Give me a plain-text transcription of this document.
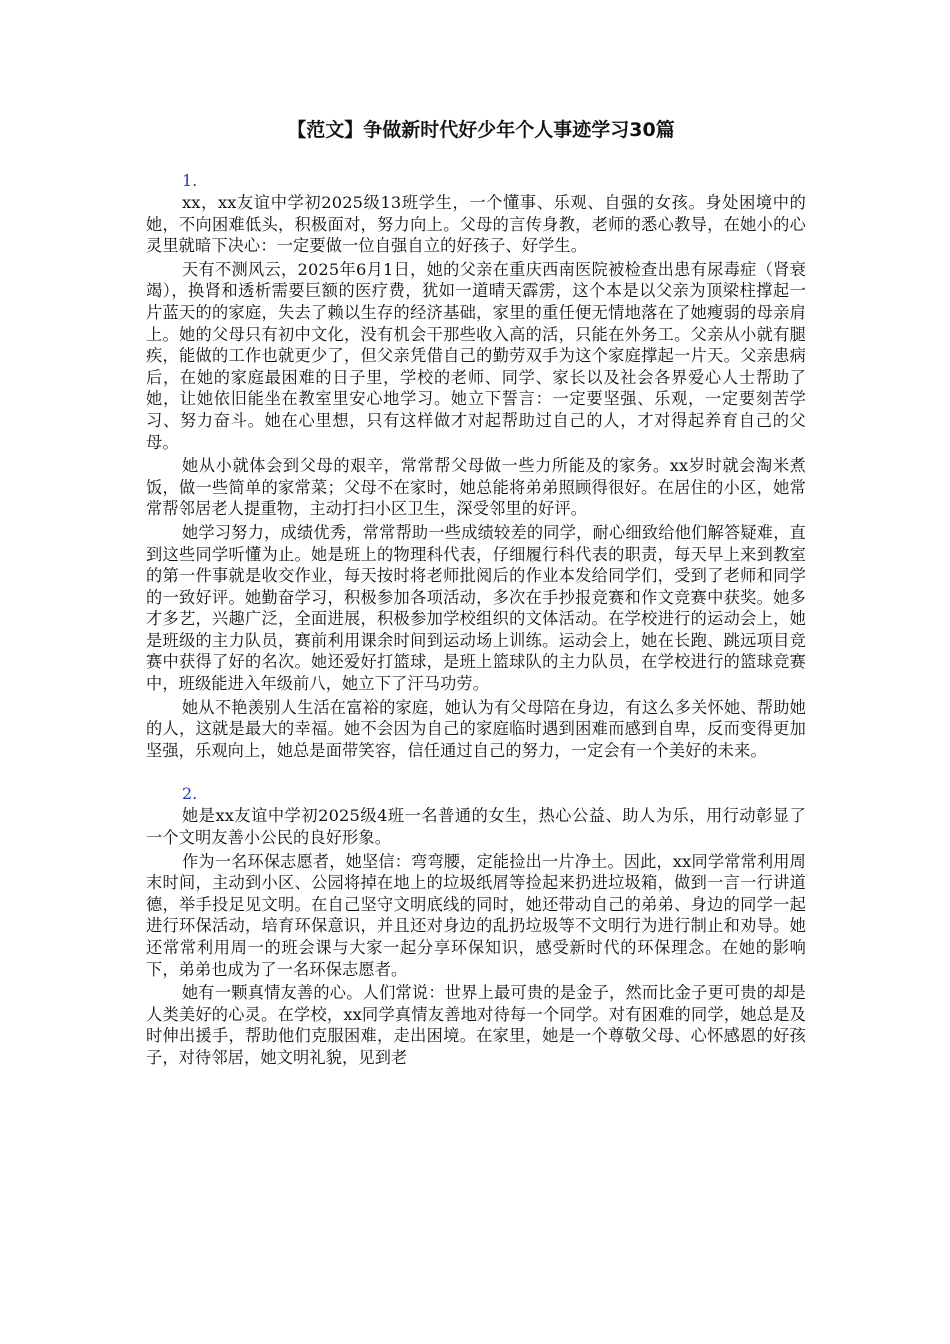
【范文】争做新时代好少年个人事迹学习30篇

1.

xx，xx友谊中学初2025级13班学生，一个懂事、乐观、自强的女孩。身处困境中的她，不向困难低头，积极面对，努力向上。父母的言传身教，老师的悉心教导，在她小的心灵里就暗下决心：一定要做一位自强自立的好孩子、好学生。

天有不测风云，2025年6月1日，她的父亲在重庆西南医院被检查出患有尿毒症（肾衰竭），换肾和透析需要巨额的医疗费，犹如一道晴天霹雳，这个本是以父亲为顶梁柱撑起一片蓝天的的家庭，失去了赖以生存的经济基础，家里的重任便无情地落在了她瘦弱的母亲肩上。她的父母只有初中文化，没有机会干那些收入高的活，只能在外务工。父亲从小就有腿疾，能做的工作也就更少了，但父亲凭借自己的勤劳双手为这个家庭撑起一片天。父亲患病后，在她的家庭最困难的日子里，学校的老师、同学、家长以及社会各界爱心人士帮助了她，让她依旧能坐在教室里安心地学习。她立下誓言：一定要坚强、乐观，一定要刻苦学习、努力奋斗。她在心里想，只有这样做才对起帮助过自己的人，才对得起养育自己的父母。

她从小就体会到父母的艰辛，常常帮父母做一些力所能及的家务。xx岁时就会淘米煮饭，做一些简单的家常菜；父母不在家时，她总能将弟弟照顾得很好。在居住的小区，她常常帮邻居老人提重物，主动打扫小区卫生，深受邻里的好评。

她学习努力，成绩优秀，常常帮助一些成绩较差的同学，耐心细致给他们解答疑难，直到这些同学听懂为止。她是班上的物理科代表，仔细履行科代表的职责，每天早上来到教室的第一件事就是收交作业，每天按时将老师批阅后的作业本发给同学们，受到了老师和同学的一致好评。她勤奋学习，积极参加各项活动，多次在手抄报竞赛和作文竞赛中获奖。她多才多艺，兴趣广泛，全面进展，积极参加学校组织的文体活动。在学校进行的运动会上，她是班级的主力队员，赛前利用课余时间到运动场上训练。运动会上，她在长跑、跳远项目竞赛中获得了好的名次。她还爱好打篮球，是班上篮球队的主力队员，在学校进行的篮球竞赛中，班级能进入年级前八，她立下了汗马功劳。

她从不艳羡别人生活在富裕的家庭，她认为有父母陪在身边，有这么多关怀她、帮助她的人，这就是最大的幸福。她不会因为自己的家庭临时遇到困难而感到自卑，反而变得更加坚强，乐观向上，她总是面带笑容，信任通过自己的努力，一定会有一个美好的未来。

2.

她是xx友谊中学初2025级4班一名普通的女生，热心公益、助人为乐，用行动彰显了一个文明友善小公民的良好形象。

作为一名环保志愿者，她坚信：弯弯腰，定能捡出一片净土。因此，xx同学常常利用周末时间，主动到小区、公园将掉在地上的垃圾纸屑等捡起来扔进垃圾箱，做到一言一行讲道德，举手投足见文明。在自己坚守文明底线的同时，她还带动自己的弟弟、身边的同学一起进行环保活动，培育环保意识，并且还对身边的乱扔垃圾等不文明行为进行制止和劝导。她还常常利用周一的班会课与大家一起分享环保知识，感受新时代的环保理念。在她的影响下，弟弟也成为了一名环保志愿者。

她有一颗真情友善的心。人们常说：世界上最可贵的是金子，然而比金子更可贵的却是人类美好的心灵。在学校，xx同学真情友善地对待每一个同学。对有困难的同学，她总是及时伸出援手，帮助他们克服困难，走出困境。在家里，她是一个尊敬父母、心怀感恩的好孩子，对待邻居，她文明礼貌，见到老
